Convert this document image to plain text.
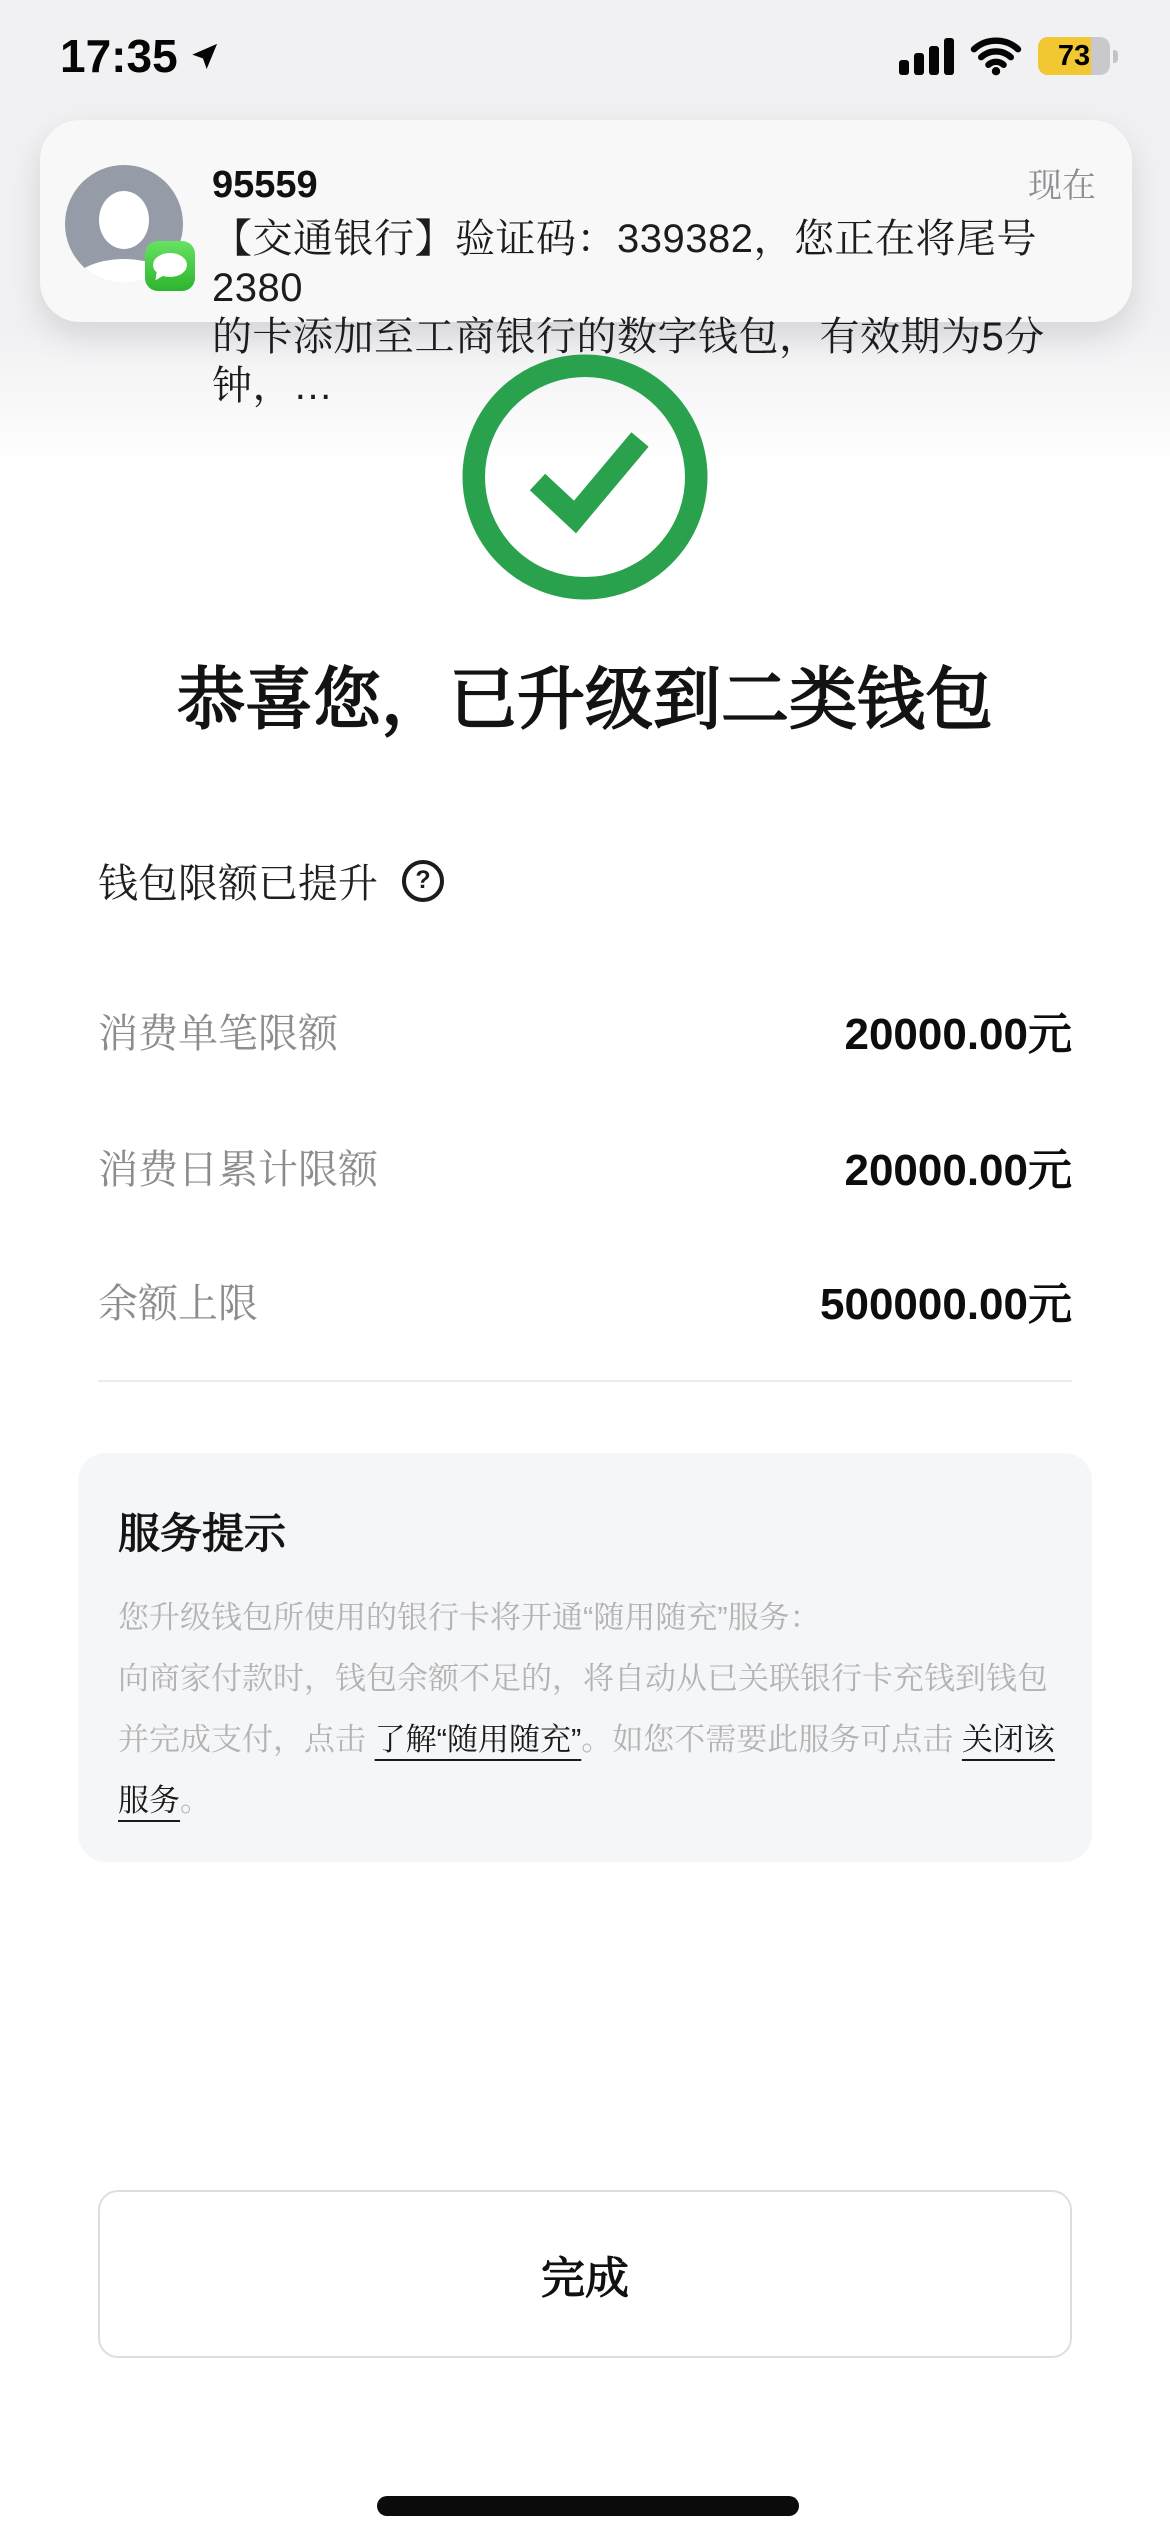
17:35	73
95559	现在
【交通银行】验证码：339382，您正在将尾号2380
的卡添加至工商银行的数字钱包，有效期为5分钟，…
恭喜您，已升级到二类钱包
钱包限额已提升	?
消费单笔限额	20000.00元
消费日累计限额	20000.00元
余额上限	500000.00元

服务提示

您升级钱包所使用的银行卡将开通“随用随充”服务：
向商家付款时，钱包余额不足的，将自动从已关联银行卡充钱到钱包并完成支付，点击 了解“随用随充”。如您不需要此服务可点击 关闭该服务。

完成
